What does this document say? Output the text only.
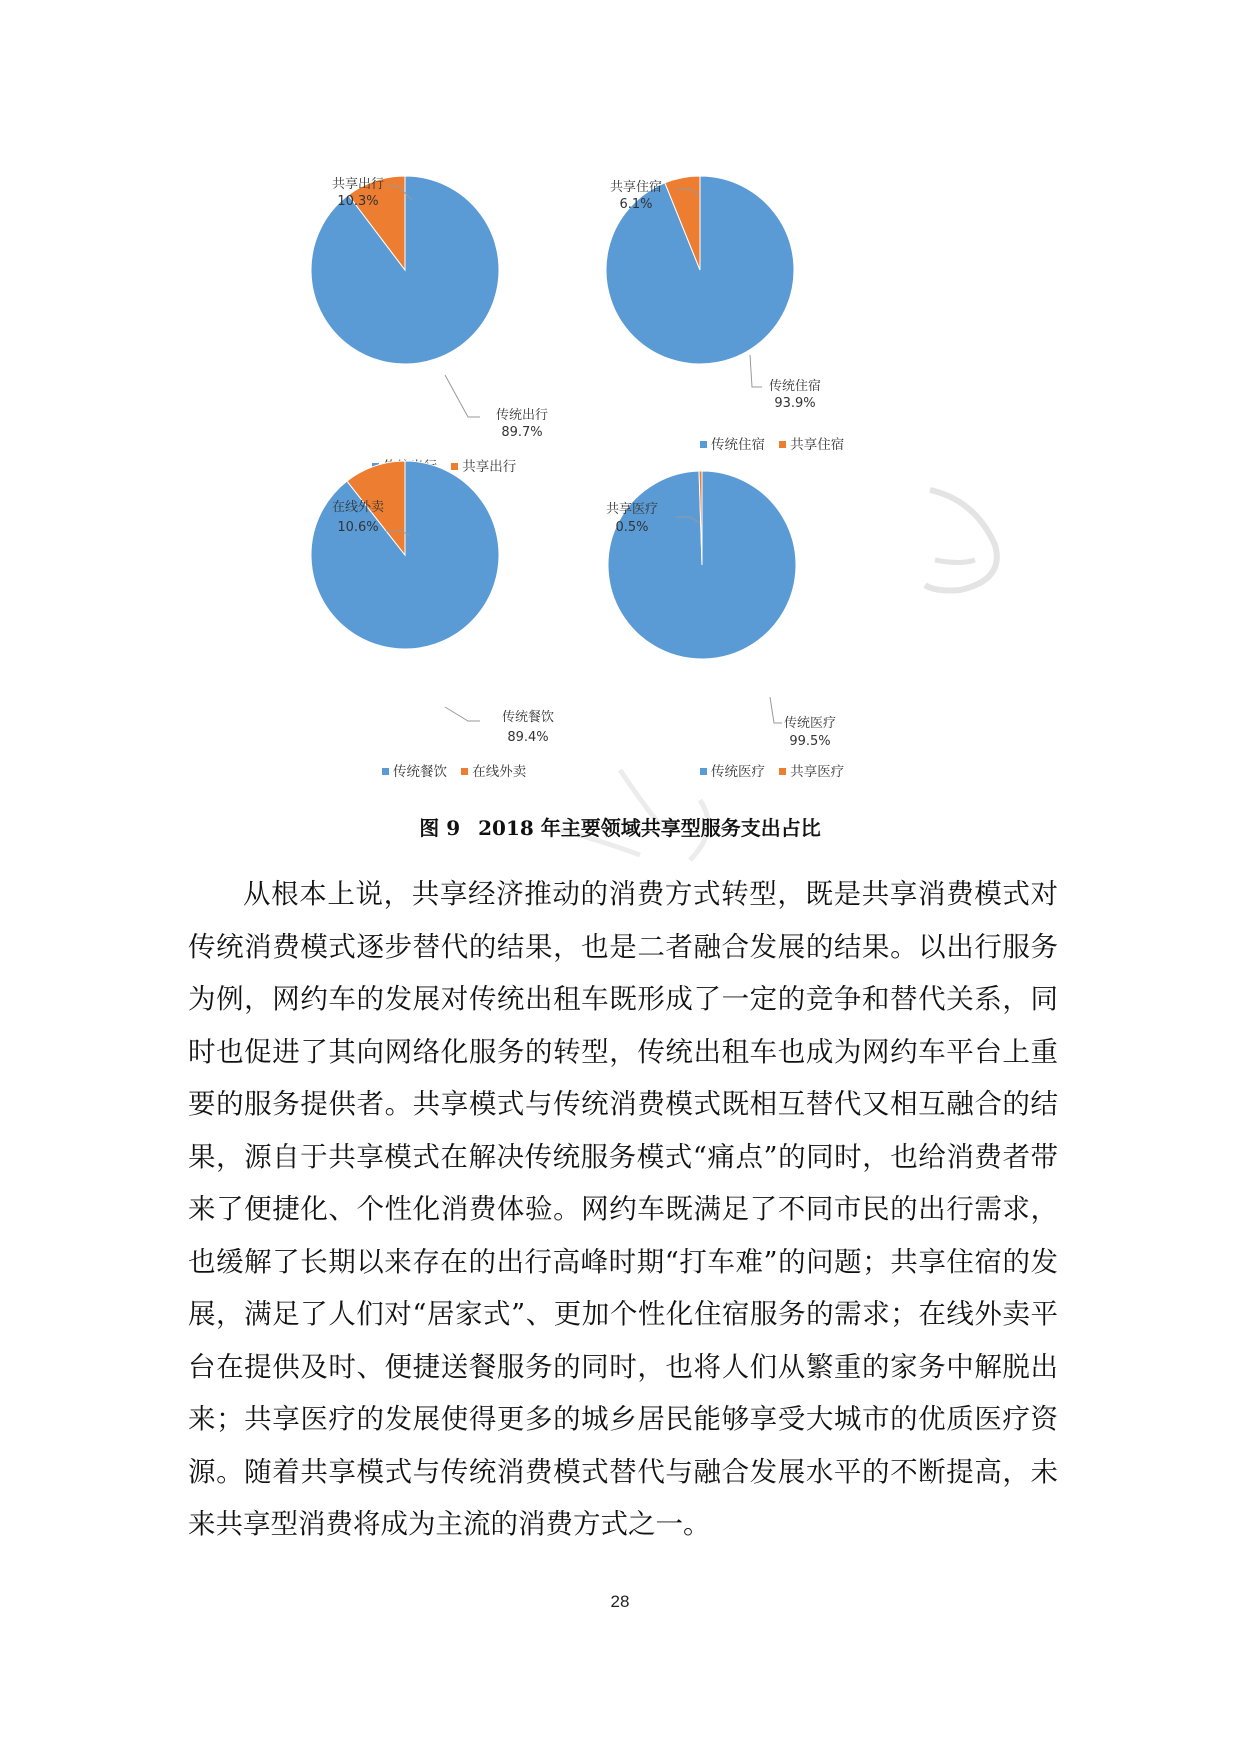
共享出行
10.3%
传统出行
89.7%
共享出行
共享住宿
6.1%
传统住宿
93.9%
传统住宿 共享住宿
在线外卖
10.6%
传统餐饮
89.4%
传统餐饮 在线外卖
共享医疗
0.5%
传统医疗
99.5%
传统医疗 共享医疗
图 9 2018 年主要领域共享型服务支出占比
从根本上说，共享经济推动的消费方式转型，既是共享消费模式对传统消费模式逐步替代的结果，也是二者融合发展的结果。以出行服务为例，网约车的发展对传统出租车既形成了一定的竞争和替代关系，同时也促进了其向网络化服务的转型，传统出租车也成为网约车平台上重要的服务提供者。共享模式与传统消费模式既相互替代又相互融合的结果，源自于共享模式在解决传统服务模式“痛点”的同时，也给消费者带来了便捷化、个性化消费体验。网约车既满足了不同市民的出行需求，也缓解了长期以来存在的出行高峰时期“打车难”的问题；共享住宿的发展，满足了人们对“居家式”、更加个性化住宿服务的需求；在线外卖平台在提供及时、便捷送餐服务的同时，也将人们从繁重的家务中解脱出来；共享医疗的发展使得更多的城乡居民能够享受大城市的优质医疗资源。随着共享模式与传统消费模式替代与融合发展水平的不断提高，未来共享型消费将成为主流的消费方式之一。
28
